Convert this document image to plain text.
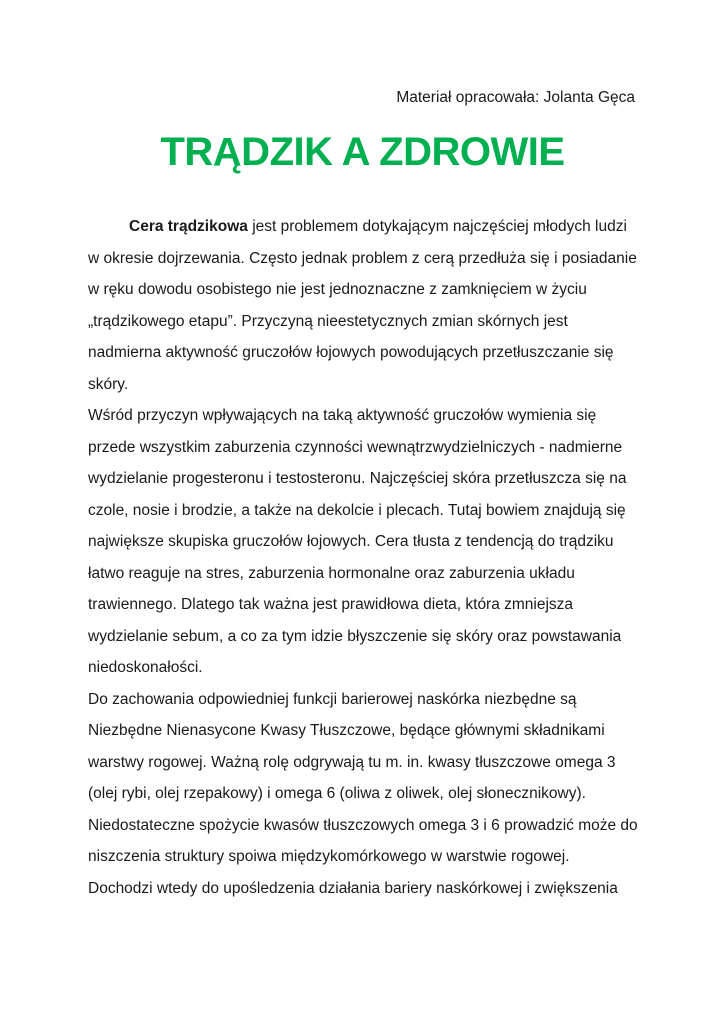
Materiał opracowała: Jolanta Gęca
TRĄDZIK A ZDROWIE
Cera trądzikowa jest problemem dotykającym najczęściej młodych ludzi
w okresie dojrzewania. Często jednak problem z cerą przedłuża się i posiadanie
w ręku dowodu osobistego nie jest jednoznaczne z zamknięciem w życiu
„trądzikowego etapu”. Przyczyną nieestetycznych zmian skórnych jest
nadmierna aktywność gruczołów łojowych powodujących przetłuszczanie się
skóry.
Wśród przyczyn wpływających na taką aktywność gruczołów wymienia się
przede wszystkim zaburzenia czynności wewnątrzwydzielniczych - nadmierne
wydzielanie progesteronu i testosteronu. Najczęściej skóra przetłuszcza się na
czole, nosie i brodzie, a także na dekolcie i plecach. Tutaj bowiem znajdują się
największe skupiska gruczołów łojowych. Cera tłusta z tendencją do trądziku
łatwo reaguje na stres, zaburzenia hormonalne oraz zaburzenia układu
trawiennego. Dlatego tak ważna jest prawidłowa dieta, która zmniejsza
wydzielanie sebum, a co za tym idzie błyszczenie się skóry oraz powstawania
niedoskonałości.
Do zachowania odpowiedniej funkcji barierowej naskórka niezbędne są
Niezbędne Nienasycone Kwasy Tłuszczowe, będące głównymi składnikami
warstwy rogowej. Ważną rolę odgrywają tu m. in. kwasy tłuszczowe omega 3
(olej rybi, olej rzepakowy) i omega 6 (oliwa z oliwek, olej słonecznikowy).
Niedostateczne spożycie kwasów tłuszczowych omega 3 i 6 prowadzić może do
niszczenia struktury spoiwa międzykomórkowego w warstwie rogowej.
Dochodzi wtedy do upośledzenia działania bariery naskórkowej i zwiększenia
